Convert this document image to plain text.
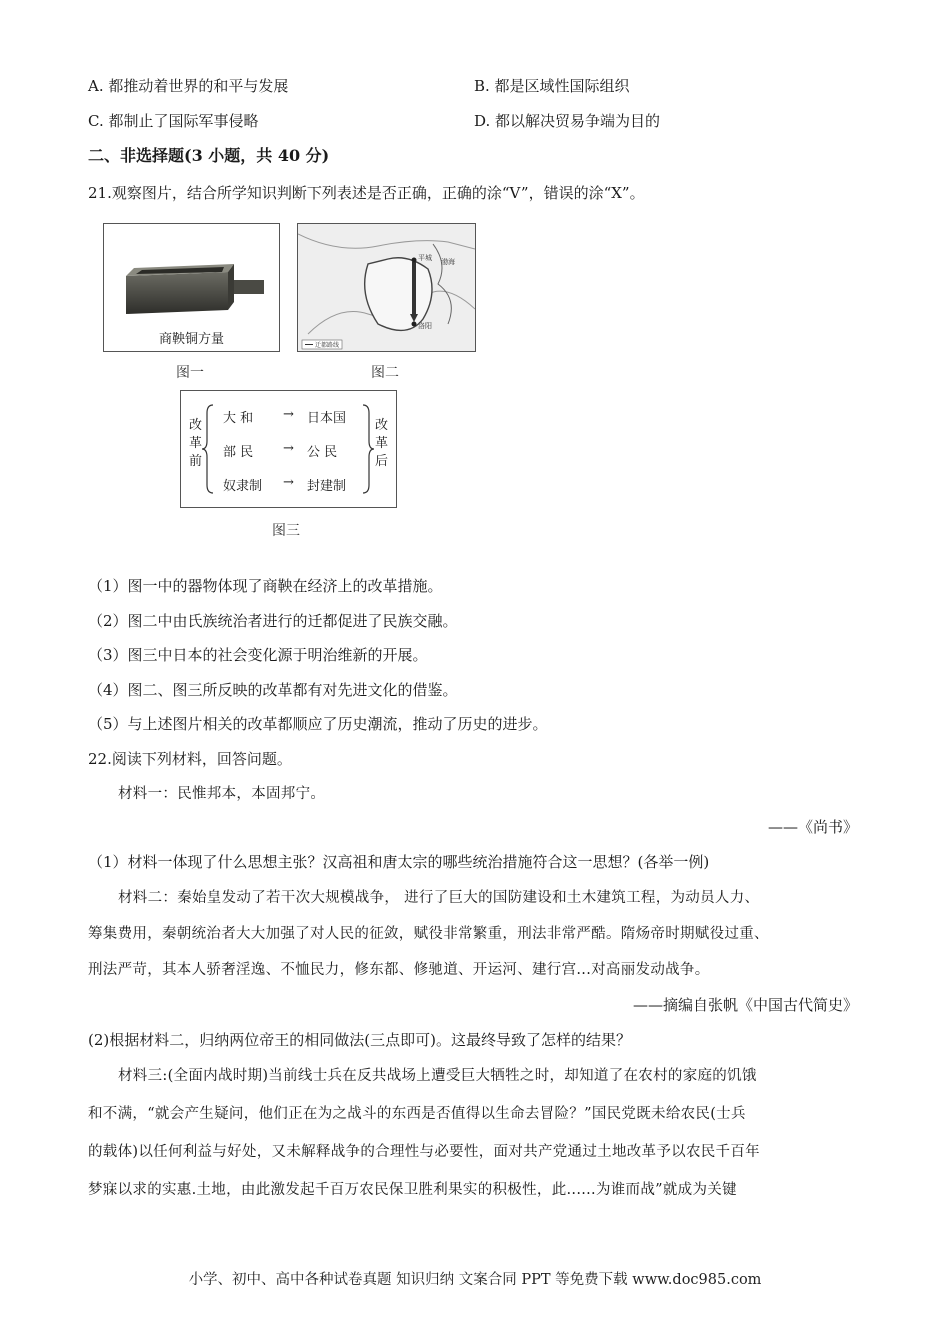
A. 都推动着世界的和平与发展	B. 都是区域性国际组织
C. 都制止了国际军事侵略	D. 都以解决贸易争端为目的
二、非选择题(3 小题，共 40 分)
21.观察图片，结合所学知识判断下列表述是否正确，正确的涂“V”，错误的涂“X”。
商鞅铜方量
图一
平城
洛阳
渤海
迁都路线
图二
改革前
改革后
大 和 → 日本国
部 民 → 公 民
奴隶制 → 封建制
图三
（1）图一中的器物体现了商鞅在经济上的改革措施。
（2）图二中由氏族统治者进行的迁都促进了民族交融。
（3）图三中日本的社会变化源于明治维新的开展。
（4）图二、图三所反映的改革都有对先进文化的借鉴。
（5）与上述图片相关的改革都顺应了历史潮流，推动了历史的进步。
22.阅读下列材料，回答问题。
材料一：民惟邦本，本固邦宁。
——《尚书》
（1）材料一体现了什么思想主张？汉高祖和唐太宗的哪些统治措施符合这一思想？(各举一例)
材料二：秦始皇发动了若干次大规模战争， 进行了巨大的国防建设和土木建筑工程，为动员人力、
筹集费用，秦朝统治者大大加强了对人民的征敛，赋役非常繁重，刑法非常严酷。隋炀帝时期赋役过重、
刑法严苛，其本人骄奢淫逸、不恤民力，修东都、修驰道、开运河、建行宫...对高丽发动战争。
——摘编自张帆《中国古代简史》
(2)根据材料二，归纳两位帝王的相同做法(三点即可)。这最终导致了怎样的结果？
材料三:(全面内战时期)当前线士兵在反共战场上遭受巨大牺牲之时，却知道了在农村的家庭的饥饿
和不满，“就会产生疑问，他们正在为之战斗的东西是否值得以生命去冒险？”国民党既未给农民(士兵
的载体)以任何利益与好处，又未解释战争的合理性与必要性，面对共产党通过土地改革予以农民千百年
梦寐以求的实惠.土地，由此激发起千百万农民保卫胜利果实的积极性，此......为谁而战”就成为关键
小学、初中、高中各种试卷真题 知识归纳 文案合同 PPT 等免费下载 www.doc985.com
